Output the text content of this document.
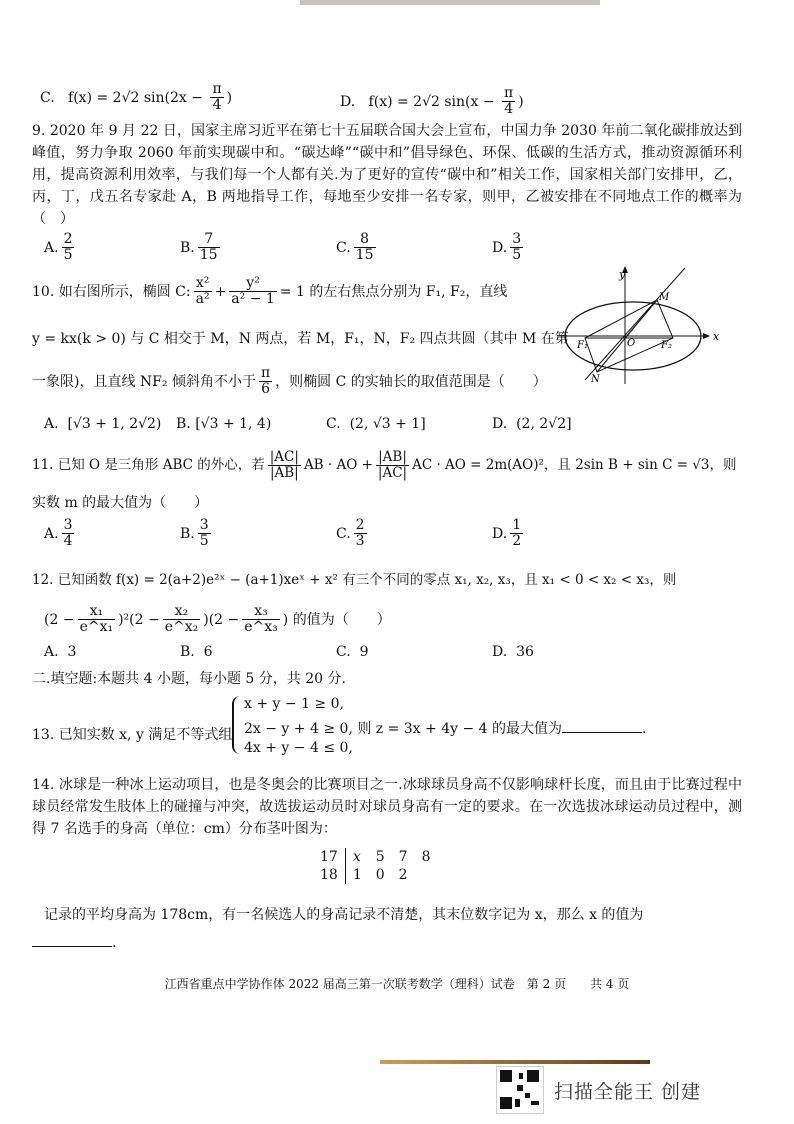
C. f(x) = 2√2 $\sin(2x - \frac{\pi}{4}$ )	D. f(x) = 2√2 $\sin(x - \frac{\pi}{4}$ )
9. 2020 年 9 月 22 日，国家主席习近平在第七十五届联合国大会上宣布，中国力争 2030 年前二氧化碳排放达到峰值，努力争取 2060 年前实现碳中和。“碳达峰”“碳中和”倡导绿色、环保、低碳的生活方式，推动资源循环利用，提高资源利用效率，与我们每一个人都有关.为了更好的宣传“碳中和”相关工作，国家相关部门安排甲，乙，丙，丁，戊五名专家赴 A，B 两地指导工作，每地至少安排一名专家，则甲，乙被安排在不同地点工作的概率为（　）
A. $\frac{2}{5}$	B. $\frac{7}{15}$	C. $\frac{8}{15}$	D. $\frac{3}{5}$
10. 如右图所示，椭圆 C: $\frac{\text{x²}}{\text{a²}} + \frac{\text{y²}}{\text{a² − 1}} = 1$ 的左右焦点分别为 F₁, F₂，直线
y = kx(k > 0) 与 C 相交于 M，N 两点，若 M，F₁，N，F₂ 四点共圆（其中 M 在第
一象限)，且直线 NF₂ 倾斜角不小于 $\frac{\pi}{6}$ ，则椭圆 C 的实轴长的取值范围是（　　）
A. [√3 + 1, 2√2) B. [√3 + 1, 4)	C. (2, √3 + 1]	D. (2, 2√2]
y
x
O
M
N
F₁	F₂
11. 已知 O 是三角形 ABC 的外心，若 $\frac{|AC|}{|AB|}$ AB · AO + $\frac{|AB|}{|AC|}$ AC · AO = 2m(AO)²，且 2sin B + sin C = √3，则
实数 m 的最大值为（　　）
A. $\frac{3}{4}$	B. $\frac{3}{5}$	C. $\frac{2}{3}$	D. $\frac{1}{2}$
12. 已知函数 f(x) = 2(a+2)e²ˣ − (a+1)xeˣ + x² 有三个不同的零点 x₁, x₂, x₃，且 x₁ < 0 < x₂ < x₃，则
$(2 - \frac{\text{x₁}}{\text{e\textasciicircum{}x₁}} )^2(2 - \frac{\text{x₂}}{\text{e\textasciicircum{}x₂}} )(2 - \frac{\text{x₃}}{\text{e\textasciicircum{}x₃}}$ ) 的值为（　　）
A. 3	B. 6	C. 9	D. 36
二.填空题:本题共 4 小题，每小题 5 分，共 20 分.
13. 已知实数 x, y 满足不等式组
x + y − 1 ≥ 0,
2x − y + 4 ≥ 0, 则 z = 3x + 4y − 4 的最大值为	.
4x + y − 4 ≤ 0,
14. 冰球是一种冰上运动项目，也是冬奥会的比赛项目之一.冰球球员身高不仅影响球杆长度，而且由于比赛过程中球员经常发生肢体上的碰撞与冲突，故选拔运动员时对球员身高有一定的要求。在一次选拔冰球运动员过程中，测得 7 名选手的身高（单位：cm）分布茎叶图为：
17	x	5	7	8
18	1	0	2	
记录的平均身高为 178cm，有一名候选人的身高记录不清楚，其末位数字记为 x，那么 x 的值为
.
江西省重点中学协作体 2022 届高三第一次联考数学（理科）试卷　第 2 页　　共 4 页
扫描全能王 创建
